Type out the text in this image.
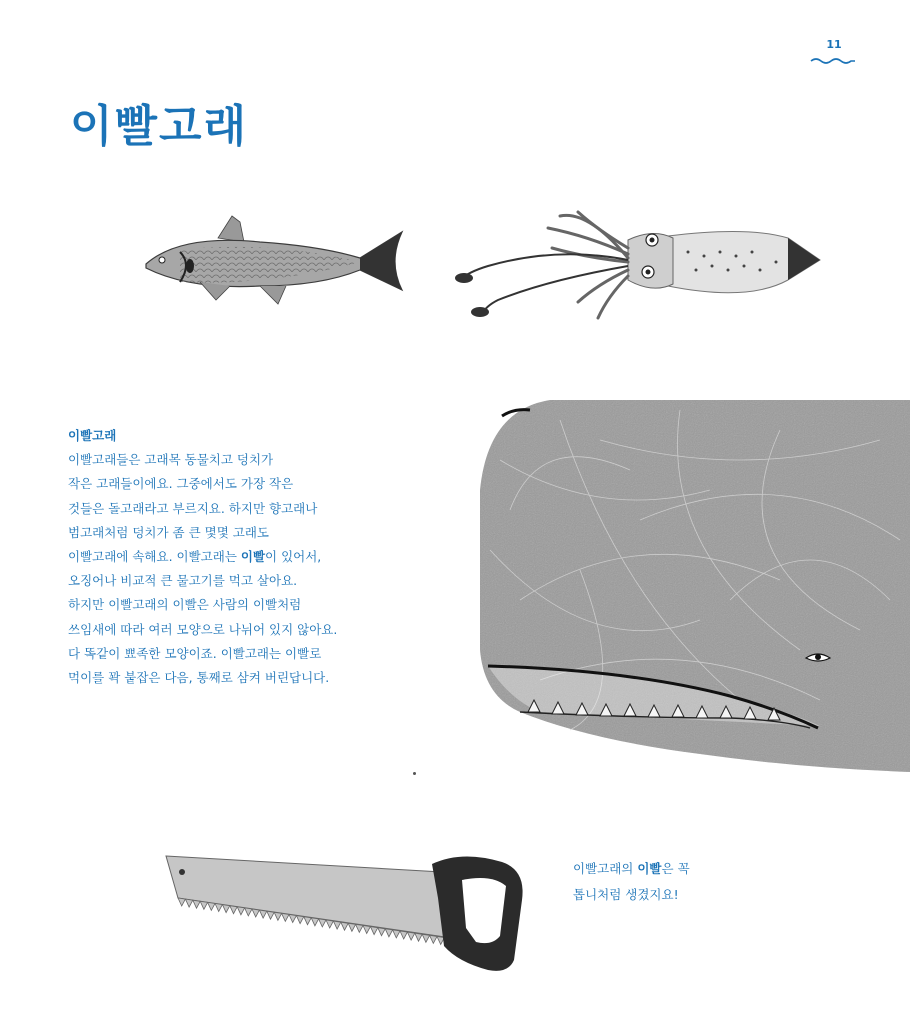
11
이빨고래

이빨고래

이빨고래들은 고래목 동물치고 덩치가

작은 고래들이에요. 그중에서도 가장 작은

것들은 돌고래라고 부르지요. 하지만 향고래나

범고래처럼 덩치가 좀 큰 몇몇 고래도

이빨고래에 속해요. 이빨고래는 이빨이 있어서,

오징어나 비교적 큰 물고기를 먹고 살아요.

하지만 이빨고래의 이빨은 사람의 이빨처럼

쓰임새에 따라 여러 모양으로 나뉘어 있지 않아요.

다 똑같이 뾰족한 모양이죠. 이빨고래는 이빨로

먹이를 꽉 붙잡은 다음, 통째로 삼켜 버린답니다.

이빨고래의 이빨은 꼭

톱니처럼 생겼지요!
